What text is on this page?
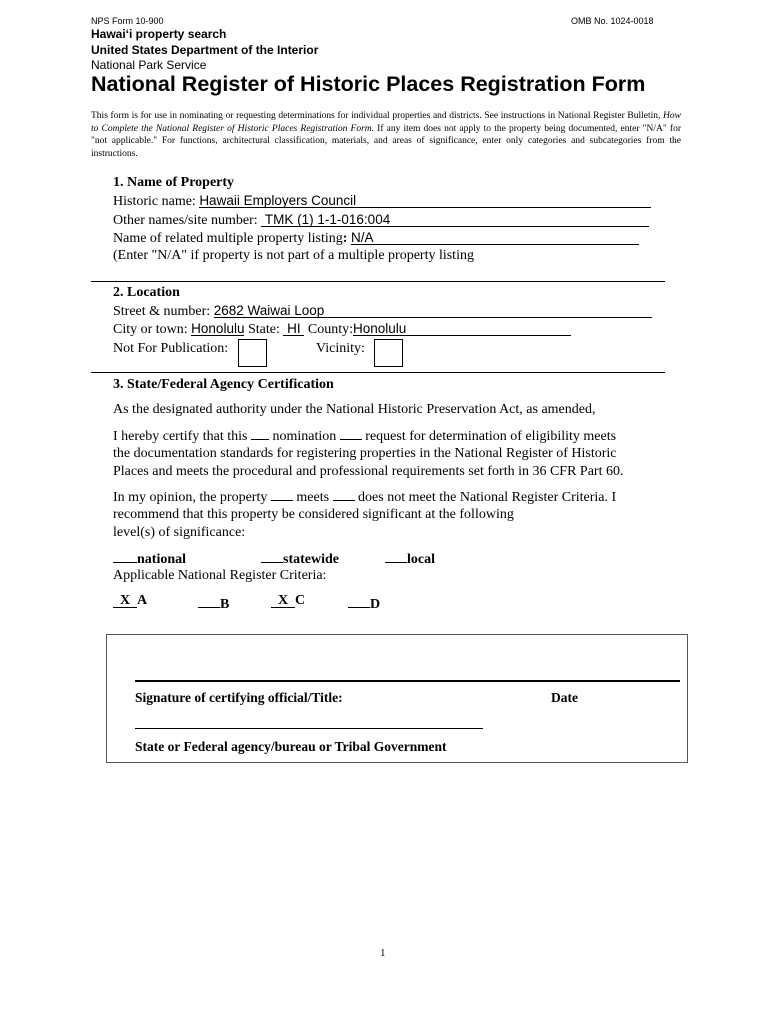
NPS Form 10-900	OMB No. 1024-0018
Hawai‘i property search
United States Department of the Interior
National Park Service
National Register of Historic Places Registration Form
This form is for use in nominating or requesting determinations for individual properties and districts. See instructions in National Register Bulletin, How to Complete the National Register of Historic Places Registration Form. If any item does not apply to the property being documented, enter "N/A" for "not applicable." For functions, architectural classification, materials, and areas of significance, enter only categories and subcategories from the instructions.
1. Name of Property
Historic name: Hawaii Employers Council
Other names/site number: TMK (1) 1-1-016:004
Name of related multiple property listing: N/A
(Enter "N/A" if property is not part of a multiple property listing
2. Location
Street & number: 2682 Waiwai Loop
City or town: Honolulu State: HI County:Honolulu
Not For Publication:	Vicinity:
3. State/Federal Agency Certification
As the designated authority under the National Historic Preservation Act, as amended,
I hereby certify that this nomination request for determination of eligibility meets
the documentation standards for registering properties in the National Register of Historic
Places and meets the procedural and professional requirements set forth in 36 CFR Part 60.
In my opinion, the property meets does not meet the National Register Criteria. I
recommend that this property be considered significant at the following
level(s) of significance:
national	statewide	local
Applicable National Register Criteria:
X A	B	X C	D
Signature of certifying official/Title:	Date
State or Federal agency/bureau or Tribal Government
1
